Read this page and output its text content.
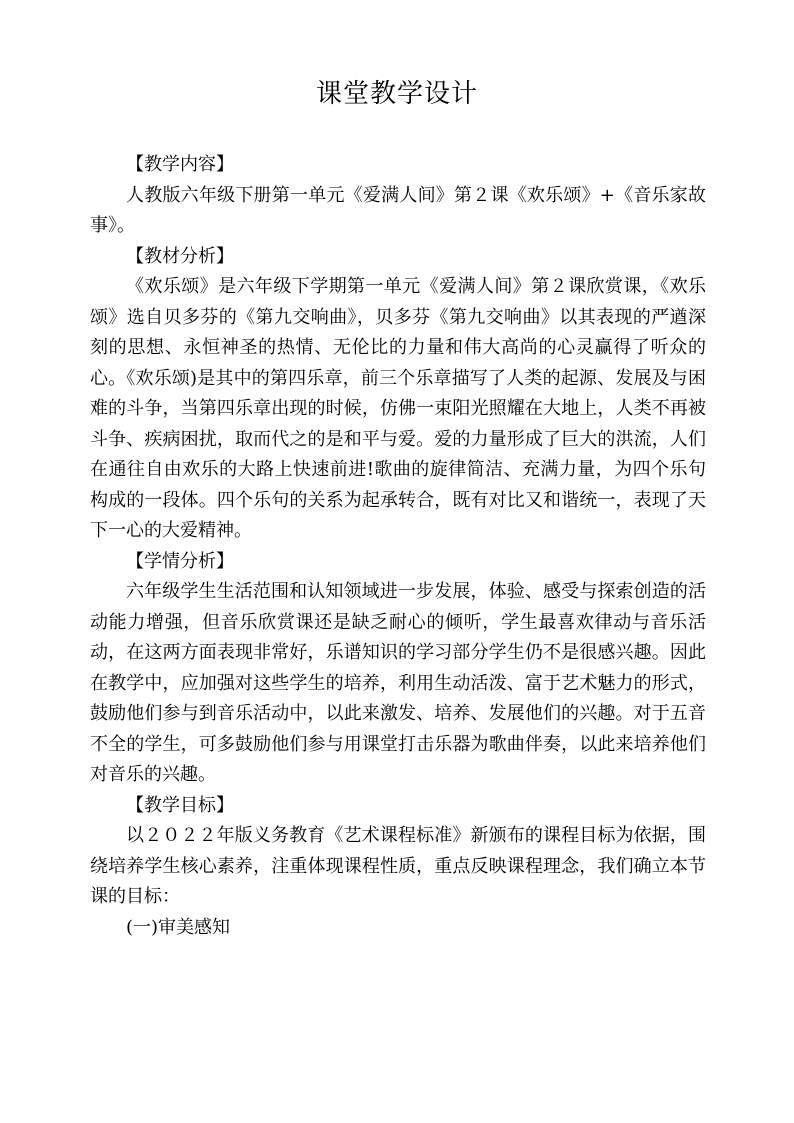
课堂教学设计

【教学内容】

人教版六年级下册第一单元《爱满人间》第２课《欢乐颂》+《音乐家故事》。

【教材分析】

《欢乐颂》是六年级下学期第一单元《爱满人间》第２课欣赏课，《欢乐颂》选自贝多芬的《第九交响曲》，贝多芬《第九交响曲》以其表现的严遒深刻的思想、永恒神圣的热情、无伦比的力量和伟大高尚的心灵赢得了听众的心。《欢乐颂)是其中的第四乐章，前三个乐章描写了人类的起源、发展及与困难的斗争，当第四乐章出现的时候，仿佛一束阳光照耀在大地上，人类不再被斗争、疾病困扰，取而代之的是和平与爱。爱的力量形成了巨大的洪流，人们在通往自由欢乐的大路上快速前进!歌曲的旋律简洁、充满力量，为四个乐句构成的一段体。四个乐句的关系为起承转合，既有对比又和谐统一，表现了天下一心的大爱精神。

【学情分析】

六年级学生生活范围和认知领域进一步发展，体验、感受与探索创造的活动能力增强，但音乐欣赏课还是缺乏耐心的倾听，学生最喜欢律动与音乐活动，在这两方面表现非常好，乐谱知识的学习部分学生仍不是很感兴趣。因此在教学中，应加强对这些学生的培养，利用生动活泼、富于艺术魅力的形式，鼓励他们参与到音乐活动中，以此来激发、培养、发展他们的兴趣。对于五音不全的学生，可多鼓励他们参与用课堂打击乐器为歌曲伴奏，以此来培养他们对音乐的兴趣。

【教学目标】

以２０２２年版义务教育《艺术课程标准》新颁布的课程目标为依据，围绕培养学生核心素养，注重体现课程性质，重点反映课程理念，我们确立本节课的目标：

(一)审美感知
